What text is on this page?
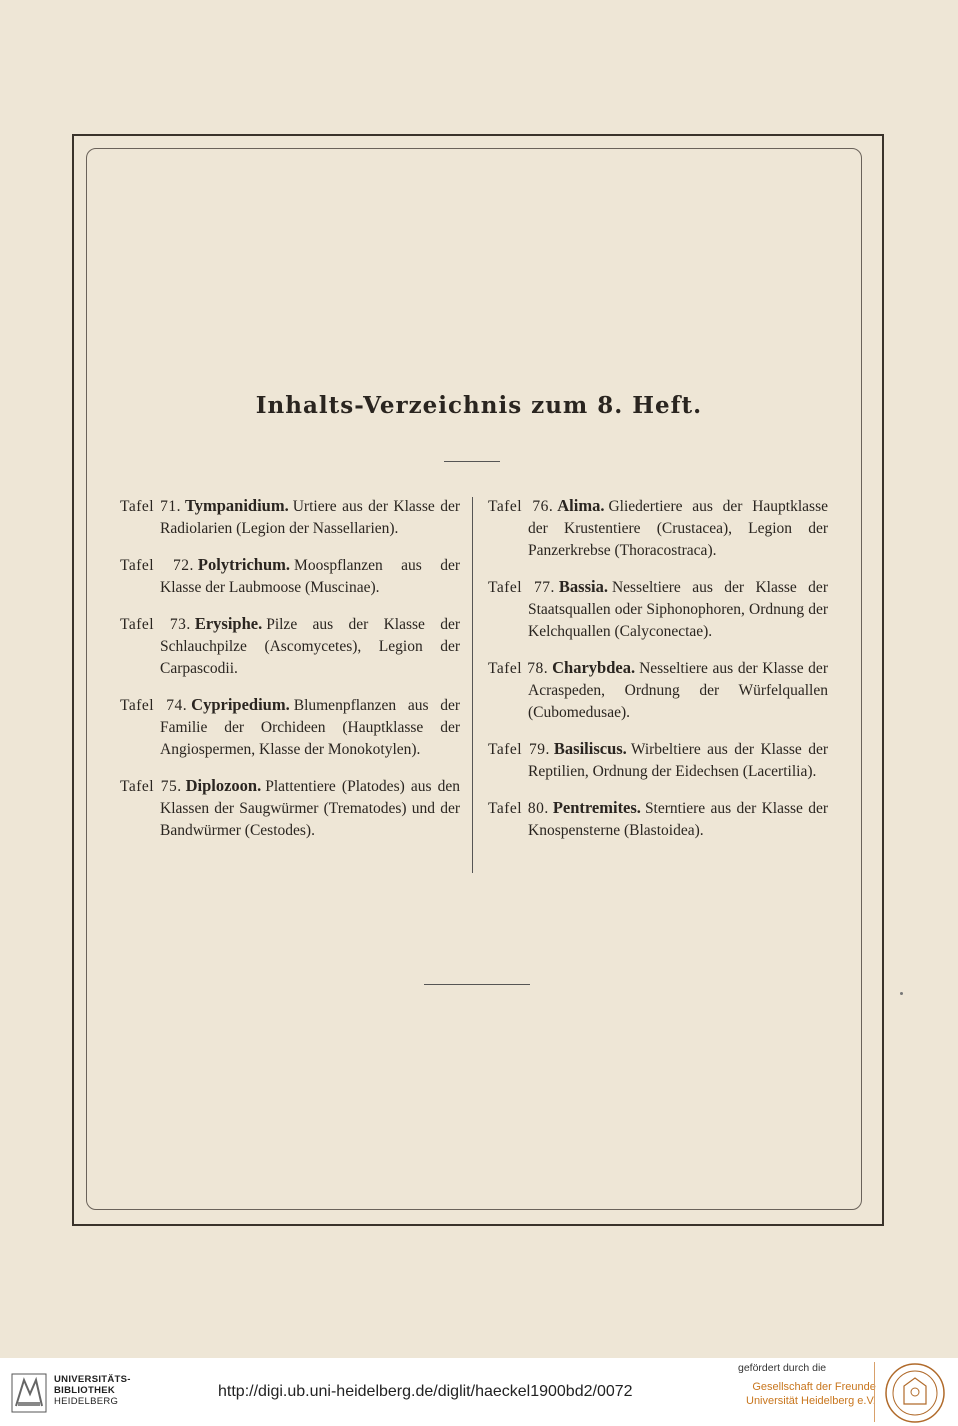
Inhalts-Verzeichnis zum 8. Heft.
Tafel 71. Tympanidium. Urtiere aus der Klasse der Radiolarien (Legion der Nassellarien).
Tafel 72. Polytrichum. Moospflanzen aus der Klasse der Laubmoose (Muscinae).
Tafel 73. Erysiphe. Pilze aus der Klasse der Schlauchpilze (Ascomycetes), Legion der Carpascodii.
Tafel 74. Cypripedium. Blumenpflanzen aus der Familie der Orchideen (Hauptklasse der Angiospermen, Klasse der Monokotylen).
Tafel 75. Diplozoon. Plattentiere (Platodes) aus den Klassen der Saugwürmer (Trematodes) und der Bandwürmer (Cestodes).
Tafel 76. Alima. Gliedertiere aus der Hauptklasse der Krustentiere (Crustacea), Legion der Panzerkrebse (Thoracostraca).
Tafel 77. Bassia. Nesseltiere aus der Klasse der Staatsquallen oder Siphonophoren, Ordnung der Kelchquallen (Calyconectae).
Tafel 78. Charybdea. Nesseltiere aus der Klasse der Acraspeden, Ordnung der Würfelquallen (Cubomedusae).
Tafel 79. Basiliscus. Wirbeltiere aus der Klasse der Reptilien, Ordnung der Eidechsen (Lacertilia).
Tafel 80. Pentremites. Sterntiere aus der Klasse der Knospensterne (Blastoidea).
UNIVERSITÄTS-
BIBLIOTHEK
HEIDELBERG
http://digi.ub.uni-heidelberg.de/diglit/haeckel1900bd2/0072
gefördert durch die
Gesellschaft der Freunde
Universität Heidelberg e.V.
